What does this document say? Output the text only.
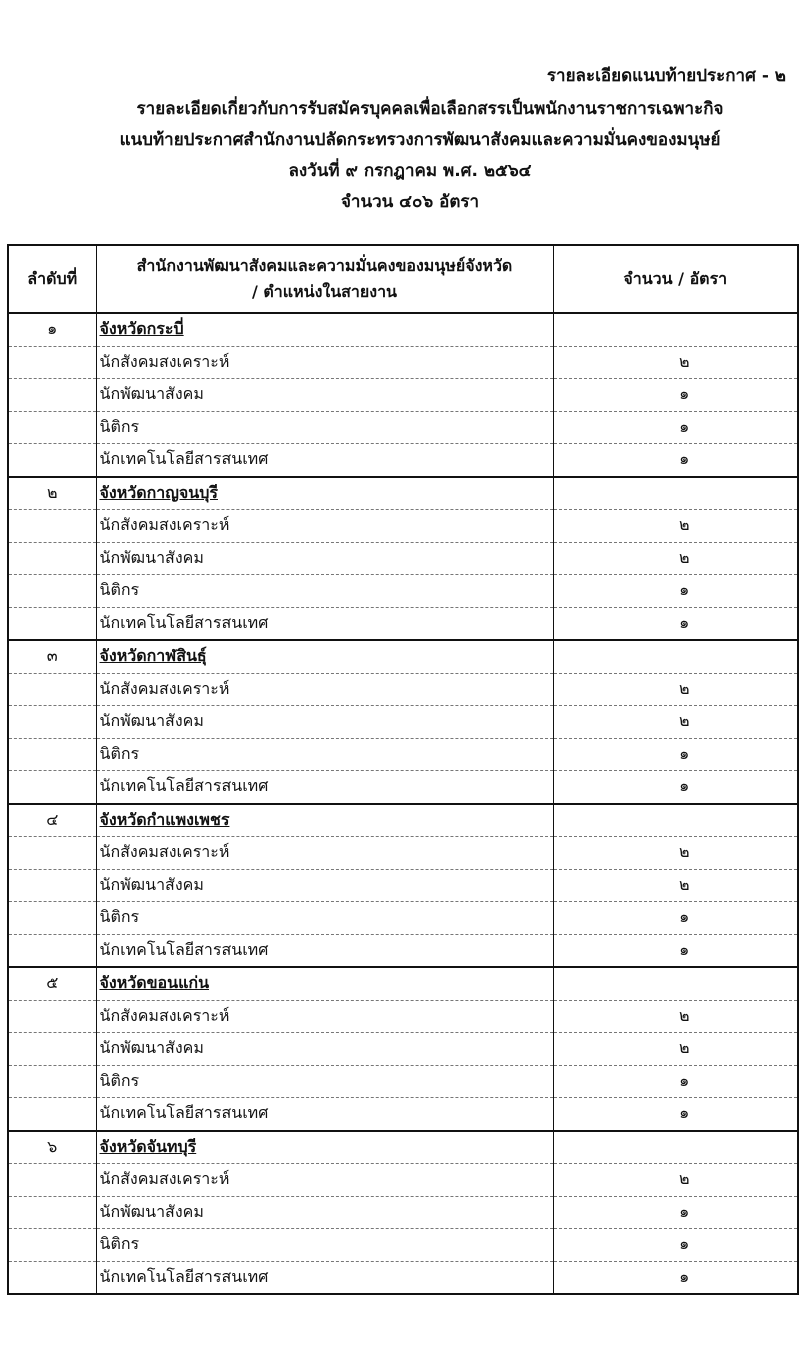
รายละเอียดแนบท้ายประกาศ - ๒
รายละเอียดเกี่ยวกับการรับสมัครบุคคลเพื่อเลือกสรรเป็นพนักงานราชการเฉพาะกิจ
แนบท้ายประกาศสำนักงานปลัดกระทรวงการพัฒนาสังคมและความมั่นคงของมนุษย์
ลงวันที่ ๙ กรกฎาคม พ.ศ. ๒๕๖๔
จำนวน ๔๐๖ อัตรา
ลำดับที่	สำนักงานพัฒนาสังคมและความมั่นคงของมนุษย์จังหวัด
/ ตำแหน่งในสายงาน	จำนวน / อัตรา
๑	จังหวัดกระบี่	
	นักสังคมสงเคราะห์	๒
	นักพัฒนาสังคม	๑
	นิติกร	๑
	นักเทคโนโลยีสารสนเทศ	๑
๒	จังหวัดกาญจนบุรี	
	นักสังคมสงเคราะห์	๒
	นักพัฒนาสังคม	๒
	นิติกร	๑
	นักเทคโนโลยีสารสนเทศ	๑
๓	จังหวัดกาฬสินธุ์	
	นักสังคมสงเคราะห์	๒
	นักพัฒนาสังคม	๒
	นิติกร	๑
	นักเทคโนโลยีสารสนเทศ	๑
๔	จังหวัดกำแพงเพชร	
	นักสังคมสงเคราะห์	๒
	นักพัฒนาสังคม	๒
	นิติกร	๑
	นักเทคโนโลยีสารสนเทศ	๑
๕	จังหวัดขอนแก่น	
	นักสังคมสงเคราะห์	๒
	นักพัฒนาสังคม	๒
	นิติกร	๑
	นักเทคโนโลยีสารสนเทศ	๑
๖	จังหวัดจันทบุรี	
	นักสังคมสงเคราะห์	๒
	นักพัฒนาสังคม	๑
	นิติกร	๑
	นักเทคโนโลยีสารสนเทศ	๑
